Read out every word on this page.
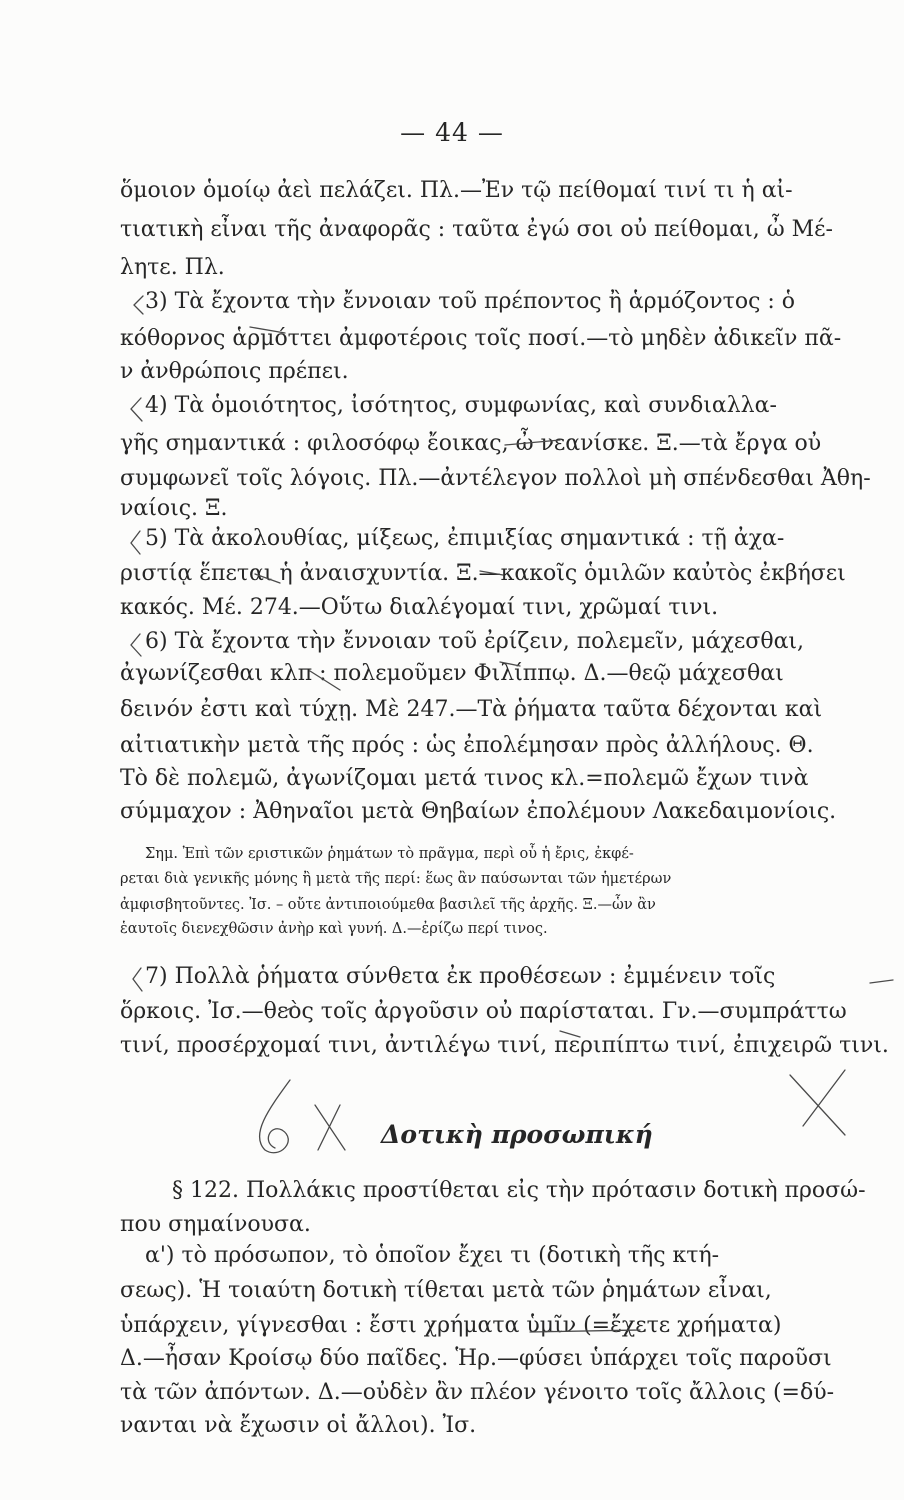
— 44 —
ὅμοιον ὁμοίῳ ἀεὶ πελάζει. Πλ.—Ἐν τῷ πείθομαί τινί τι ἡ αἰ-
τιατικὴ εἶναι τῆς ἀναφορᾶς : ταῦτα ἐγώ σοι οὐ πείθομαι, ὦ Μέ-
λητε. Πλ.
3) Τὰ ἔχοντα τὴν ἔννοιαν τοῦ πρέποντος ἢ ἁρμόζοντος : ὁ
κόθορνος ἁρμόττει ἀμφοτέροις τοῖς ποσί.—τὸ μηδὲν ἀδικεῖν πᾶ-
ν ἀνθρώποις πρέπει.
4) Τὰ ὁμοιότητος, ἰσότητος, συμφωνίας, καὶ συνδιαλλα-
γῆς σημαντικά : φιλοσόφῳ ἔοικας, ὦ νεανίσκε. Ξ.—τὰ ἔργα οὐ
συμφωνεῖ τοῖς λόγοις. Πλ.—ἀντέλεγον πολλοὶ μὴ σπένδεσθαι Ἀθη-
ναίοις. Ξ.
5) Τὰ ἀκολουθίας, μίξεως, ἐπιμιξίας σημαντικά : τῇ ἀχα-
ριστίᾳ ἕπεται ἡ ἀναισχυντία. Ξ.—κακοῖς ὁμιλῶν καὐτὸς ἐκβήσει
κακός. Μέ. 274.—Οὕτω διαλέγομαί τινι, χρῶμαί τινι.
6) Τὰ ἔχοντα τὴν ἔννοιαν τοῦ ἐρίζειν, πολεμεῖν, μάχεσθαι,
ἀγωνίζεσθαι κλπ : πολεμοῦμεν Φιλίππῳ. Δ.—θεῷ μάχεσθαι
δεινόν ἐστι καὶ τύχῃ. Μὲ 247.—Τὰ ῥήματα ταῦτα δέχονται καὶ
αἰτιατικὴν μετὰ τῆς πρός : ὡς ἐπολέμησαν πρὸς ἀλλήλους. Θ.
Τὸ δὲ πολεμῶ, ἀγωνίζομαι μετά τινος κλ.=πολεμῶ ἔχων τινὰ
σύμμαχον : Ἀθηναῖοι μετὰ Θηβαίων ἐπολέμουν Λακεδαιμονίοις.
Σημ. Ἐπὶ τῶν εριστικῶν ῥημάτων τὸ πρᾶγμα, περὶ οὗ ἡ ἔρις, ἐκφέ-
ρεται διὰ γενικῆς μόνης ἢ μετὰ τῆς περί: ἕως ἂν παύσωνται τῶν ἡμετέρων
ἀμφισβητοῦντες. Ἰσ. – οὔτε ἀντιποιούμεθα βασιλεῖ τῆς ἀρχῆς. Ξ.—ὧν ἂν
ἑαυτοῖς διενεχθῶσιν ἀνὴρ καὶ γυνή. Δ.—ἐρίζω περί τινος.
7) Πολλὰ ῥήματα σύνθετα ἐκ προθέσεων : ἐμμένειν τοῖς
ὅρκοις. Ἰσ.—θεὸς τοῖς ἀργοῦσιν οὐ παρίσταται. Γν.—συμπράττω
τινί, προσέρχομαί τινι, ἀντιλέγω τινί, περιπίπτω τινί, ἐπιχειρῶ τινι.
Δοτικὴ προσωπική
§ 122. Πολλάκις προστίθεται εἰς τὴν πρότασιν δοτικὴ προσώ-
που σημαίνουσα.
α') τὸ πρόσωπον, τὸ ὁποῖον ἔχει τι (δοτικὴ τῆς κτή-
σεως). Ἡ τοιαύτη δοτικὴ τίθεται μετὰ τῶν ῥημάτων εἶναι,
ὑπάρχειν, γίγνεσθαι : ἔστι χρήματα ὑμῖν (=ἔχετε χρήματα)
Δ.—ἦσαν Κροίσῳ δύο παῖδες. Ἡρ.—φύσει ὑπάρχει τοῖς παροῦσι
τὰ τῶν ἀπόντων. Δ.—οὐδὲν ἂν πλέον γένοιτο τοῖς ἄλλοις (=δύ-
νανται νὰ ἔχωσιν οἱ ἄλλοι). Ἰσ.
